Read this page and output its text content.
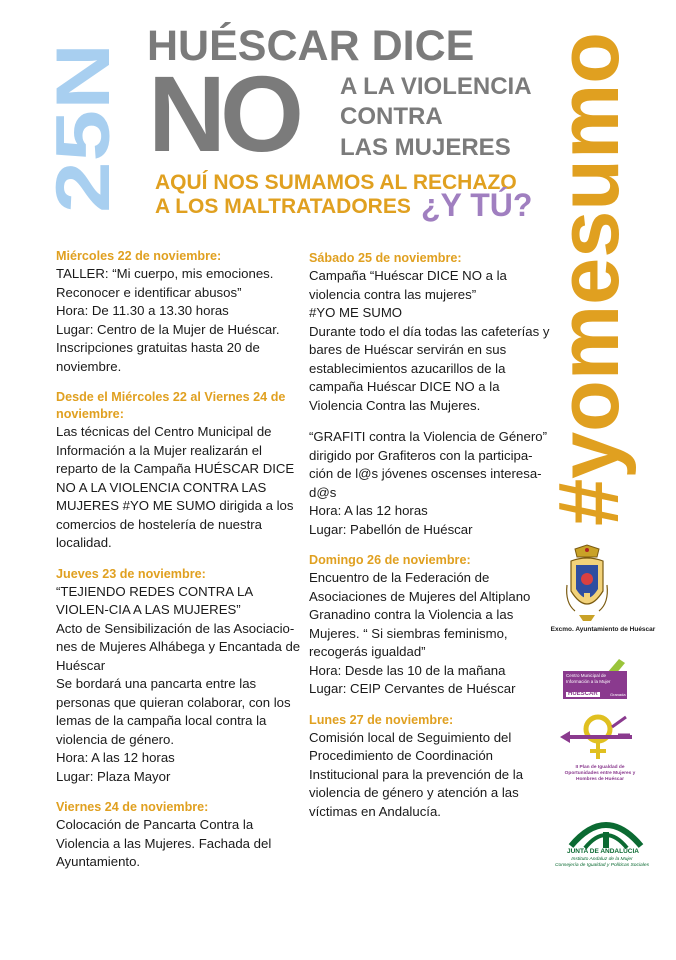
25N
HUÉSCAR DICE
NO A LA VIOLENCIA
CONTRA
LAS MUJERES
AQUÍ NOS SUMAMOS AL RECHAZO
A LOS MALTRATADORES ¿Y TÚ? #yomesumo
Miércoles 22 de noviembre:
TALLER: “Mi cuerpo, mis emociones. Reconocer e identificar abusos”
Hora: De 11.30 a 13.30 horas
Lugar: Centro de la Mujer de Huéscar. Inscripciones gratuitas hasta 20 de noviembre.
Desde el Miércoles 22 al Viernes 24 de noviembre:
Las técnicas del Centro Municipal de Información a la Mujer realizarán el reparto de la Campaña HUÉSCAR DICE NO A LA VIOLENCIA CONTRA LAS MUJERES #YO ME SUMO dirigida a los comercios de hostelería de nuestra localidad.
Jueves 23 de noviembre:
“TEJIENDO REDES CONTRA LA VIOLEN-CIA A LAS MUJERES”
Acto de Sensibilización de las Asociacio-nes de Mujeres Alhábega y Encantada de Huéscar
Se bordará una pancarta entre las personas que quieran colaborar, con los lemas de la campaña local contra la violencia de género.
Hora: A las 12 horas
Lugar: Plaza Mayor
Viernes 24 de noviembre:
Colocación de Pancarta Contra la Violencia a las Mujeres. Fachada del Ayuntamiento.
Sábado 25 de noviembre:
Campaña “Huéscar DICE NO a la violencia contra las mujeres”
#YO ME SUMO
Durante todo el día todas las cafeterías y bares de Huéscar servirán en sus establecimientos azucarillos de la campaña Huéscar DICE NO a la Violencia Contra las Mujeres.
“GRAFITI contra la Violencia de Género” dirigido por Grafiteros con la participa-ción de l@s jóvenes oscenses interesa-d@s
Hora: A las 12 horas
Lugar: Pabellón de Huéscar
Domingo 26 de noviembre:
Encuentro de la Federación de Asociaciones de Mujeres del Altiplano Granadino contra la Violencia a las Mujeres. “ Si siembras feminismo, recogerás igualdad”
Hora: Desde las 10 de la mañana
Lugar: CEIP Cervantes de Huéscar
Lunes 27 de noviembre:
Comisión local de Seguimiento del Procedimiento de Coordinación Institucional para la prevención de la violencia de género y atención a las víctimas en Andalucía.
Excmo. Ayuntamiento de Huéscar
Centro Municipal de Información a la Mujer
HUÉSCAR	Granada
II Plan de Igualdad de Oportunidades entre Mujeres y Hombres de Huéscar
JUNTA DE ANDALUCIA
Instituto Andaluz de la Mujer
Consejería de Igualdad y Políticas Sociales
